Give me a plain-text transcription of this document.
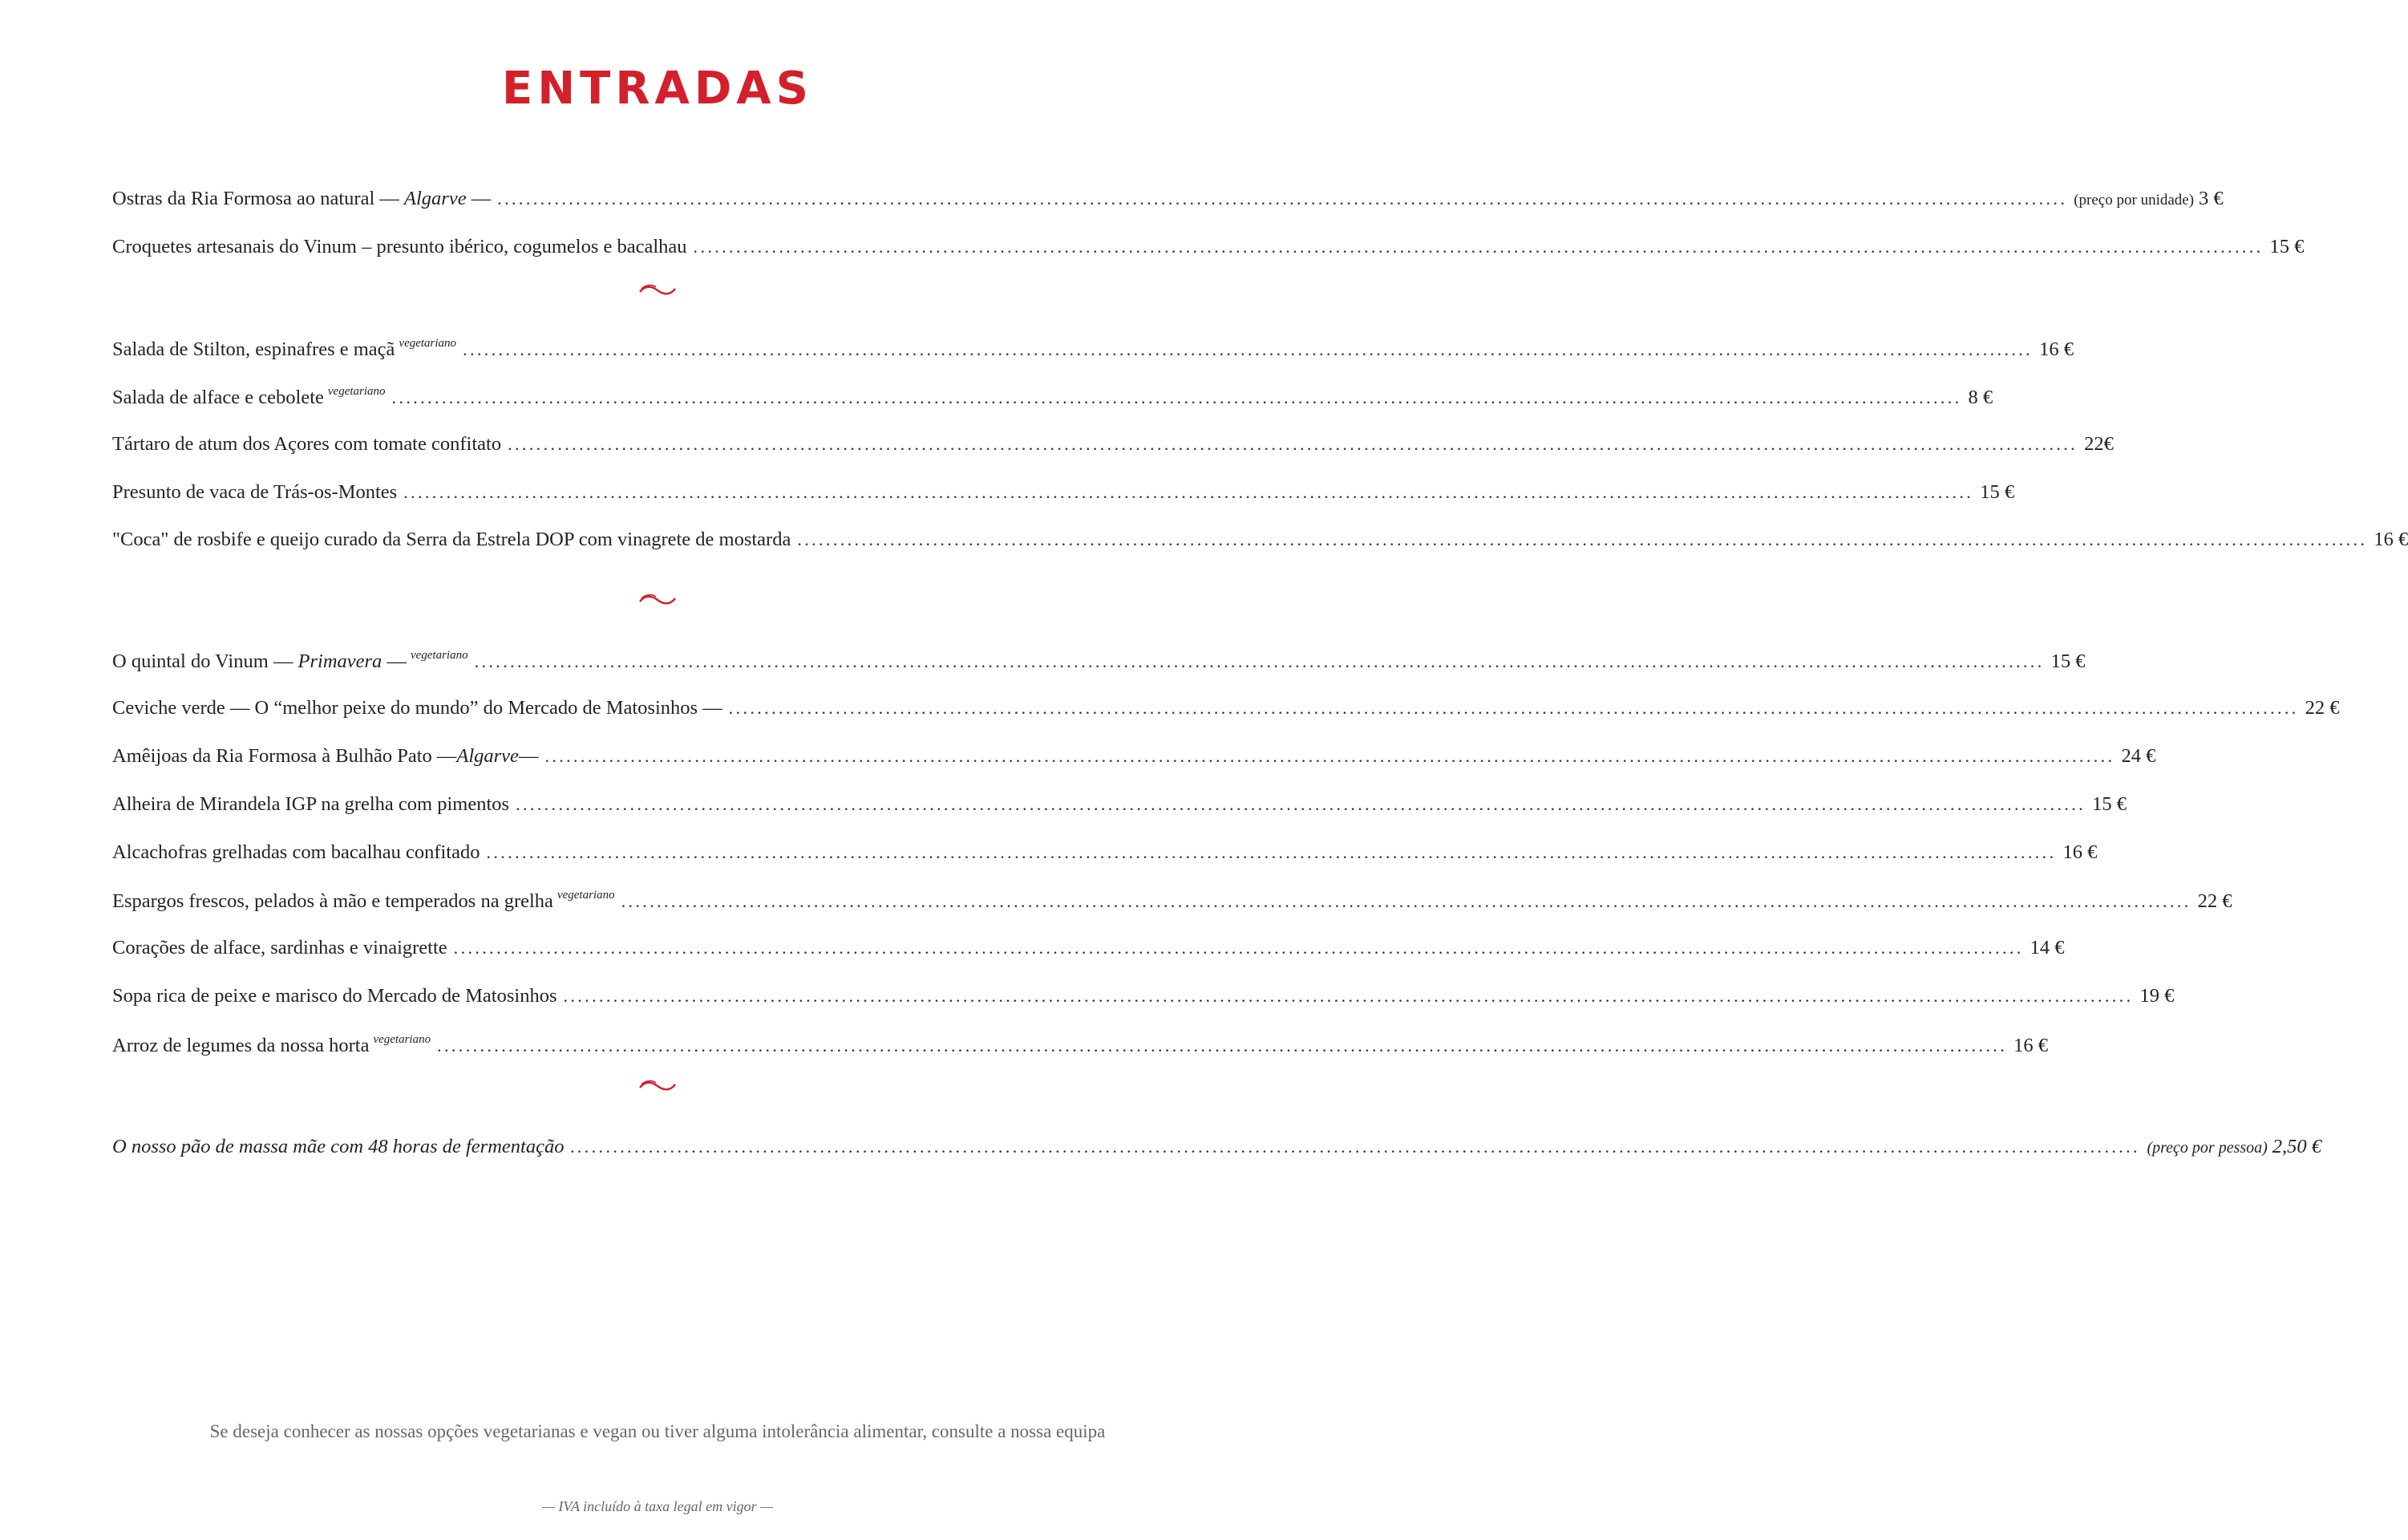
ENTRADAS
Ostras da Ria Formosa ao natural — Algarve — ............................................................................................................................................................................................................................ (preço por unidade) 3 €
Croquetes artesanais do Vinum – presunto ibérico, cogumelos e bacalhau ............................................................................................................................................................................................................................ 15 €
Salada de Stilton, espinafres e maçã $^{vegetariano}$ ............................................................................................................................................................................................................................ 16 €
Salada de alface e cebolete $^{vegetariano}$ ............................................................................................................................................................................................................................ 8 €
Tártaro de atum dos Açores com tomate confitato ............................................................................................................................................................................................................................ 22€
Presunto de vaca de Trás-os-Montes ............................................................................................................................................................................................................................ 15 €
"Coca" de rosbife e queijo curado da Serra da Estrela DOP com vinagrete de mostarda ............................................................................................................................................................................................................................ 16 €
O quintal do Vinum — Primavera — $^{vegetariano}$ ............................................................................................................................................................................................................................ 15 €
Ceviche verde — O “melhor peixe do mundo” do Mercado de Matosinhos — ............................................................................................................................................................................................................................ 22 €
Amêijoas da Ria Formosa à Bulhão Pato —Algarve— ............................................................................................................................................................................................................................ 24 €
Alheira de Mirandela IGP na grelha com pimentos ............................................................................................................................................................................................................................ 15 €
Alcachofras grelhadas com bacalhau confitado ............................................................................................................................................................................................................................ 16 €
Espargos frescos, pelados à mão e temperados na grelha $^{vegetariano}$ ............................................................................................................................................................................................................................ 22 €
Corações de alface, sardinhas e vinaigrette ............................................................................................................................................................................................................................ 14 €
Sopa rica de peixe e marisco do Mercado de Matosinhos ............................................................................................................................................................................................................................ 19 €
Arroz de legumes da nossa horta $^{vegetariano}$ ............................................................................................................................................................................................................................ 16 €
O nosso pão de massa mãe com 48 horas de fermentação ............................................................................................................................................................................................................................ (preço por pessoa) 2,50 €
Se deseja conhecer as nossas opções vegetarianas e vegan ou tiver alguma intolerância alimentar, consulte a nossa equipa
— IVA incluído à taxa legal em vigor —
